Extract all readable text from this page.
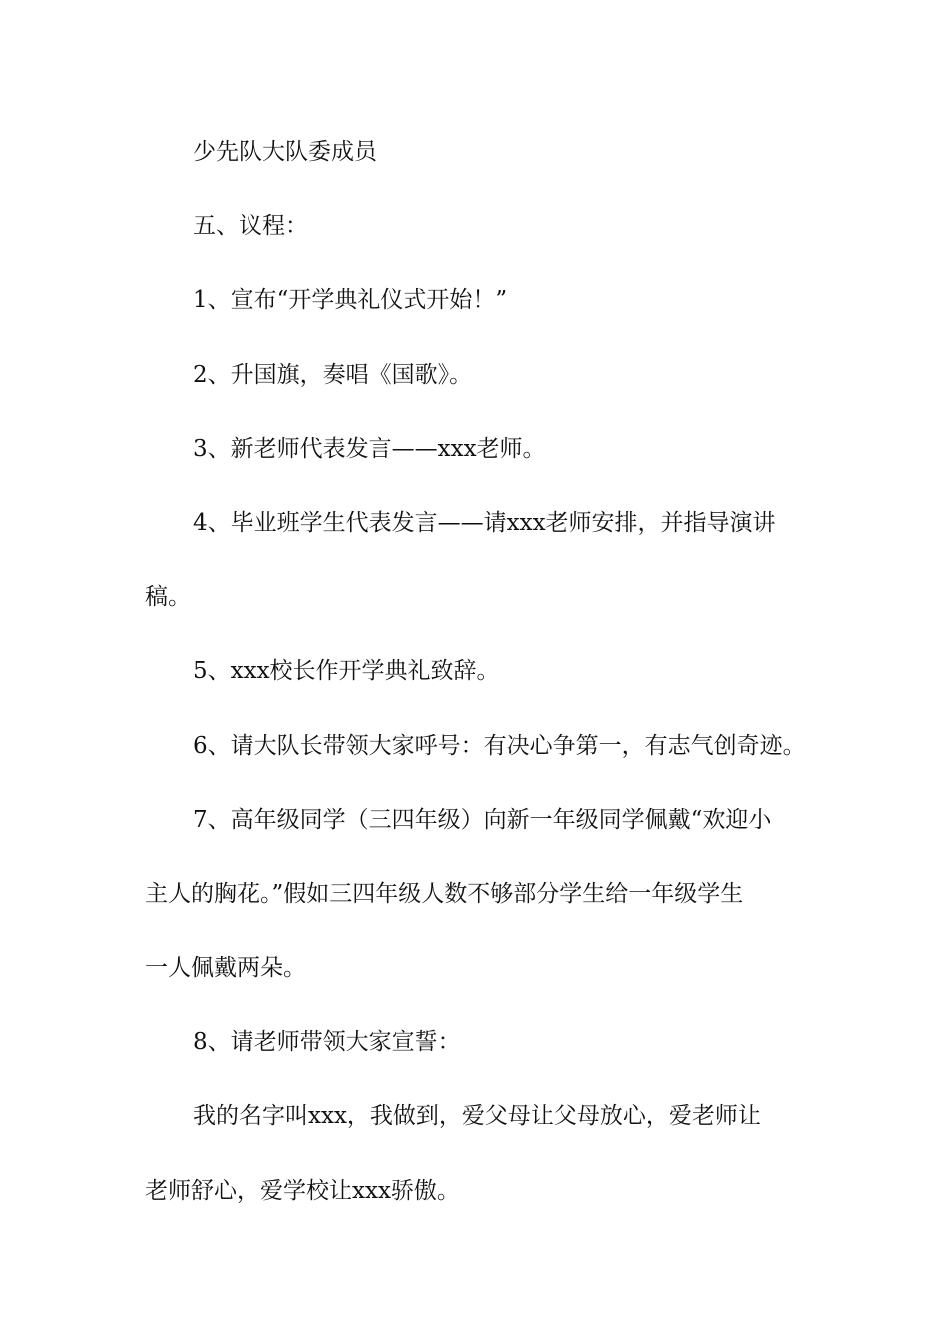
少先队大队委成员
五、议程：
1、宣布“开学典礼仪式开始！”
2、升国旗，奏唱《国歌》。
3、新老师代表发言——xxx老师。
4、毕业班学生代表发言——请xxx老师安排，并指导演讲
稿。
5、xxx校长作开学典礼致辞。
6、请大队长带领大家呼号：有决心争第一，有志气创奇迹。
7、高年级同学（三四年级）向新一年级同学佩戴“欢迎小
主人的胸花。”假如三四年级人数不够部分学生给一年级学生
一人佩戴两朵。
8、请老师带领大家宣誓：
我的名字叫xxx，我做到，爱父母让父母放心，爱老师让
老师舒心，爱学校让xxx骄傲。
